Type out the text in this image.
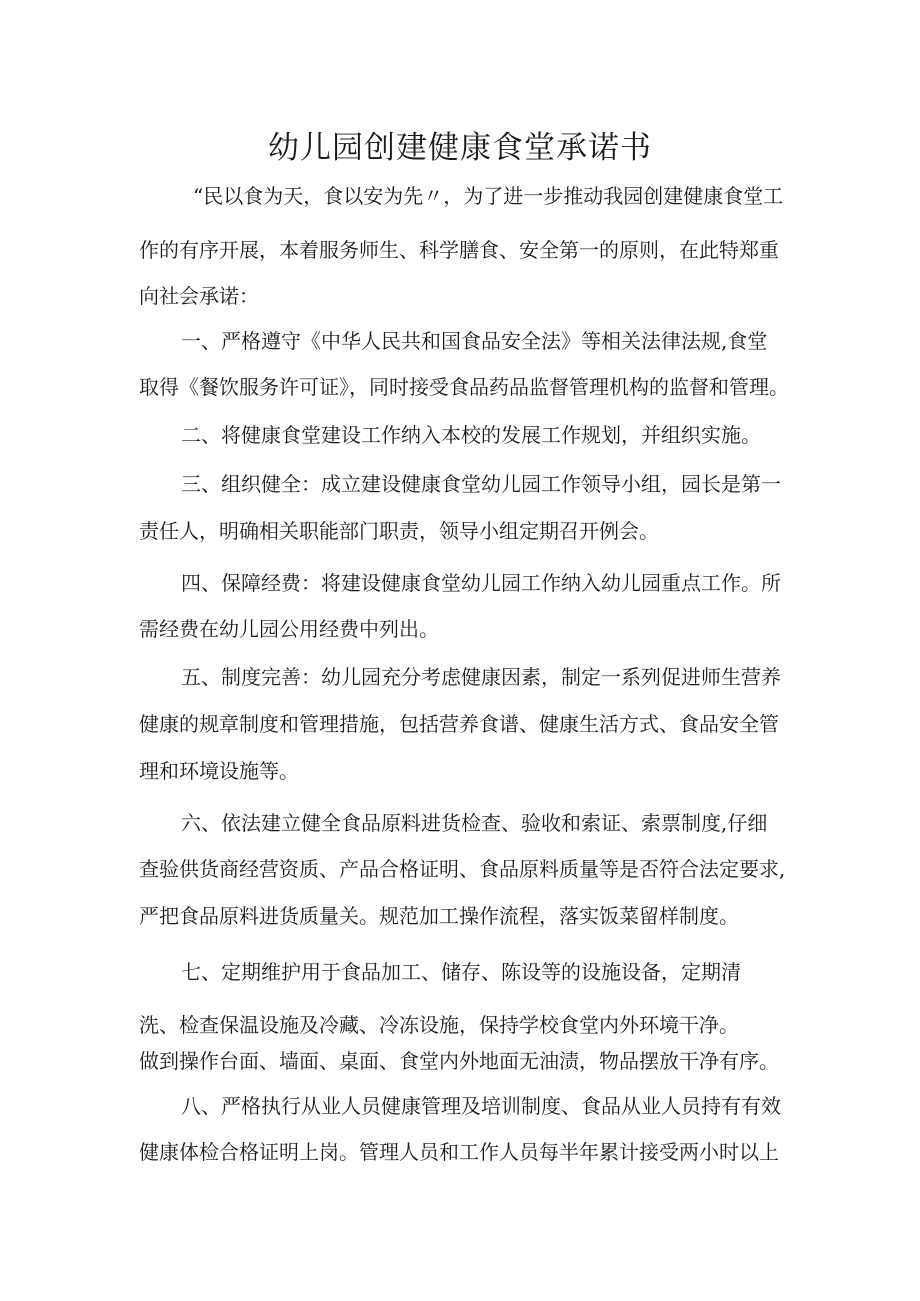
幼儿园创建健康食堂承诺书
“民以食为天，食以安为先〃，为了进一步推动我园创建健康食堂工
作的有序开展，本着服务师生、科学膳食、安全第一的原则，在此特郑重
向社会承诺：
一、严格遵守《中华人民共和国食品安全法》等相关法律法规,食堂
取得《餐饮服务许可证》，同时接受食品药品监督管理机构的监督和管理。
二、将健康食堂建设工作纳入本校的发展工作规划，并组织实施。
三、组织健全：成立建设健康食堂幼儿园工作领导小组，园长是第一
责任人，明确相关职能部门职责，领导小组定期召开例会。
四、保障经费：将建设健康食堂幼儿园工作纳入幼儿园重点工作。所
需经费在幼儿园公用经费中列出。
五、制度完善：幼儿园充分考虑健康因素，制定一系列促进师生营养
健康的规章制度和管理措施，包括营养食谱、健康生活方式、食品安全管
理和环境设施等。
六、依法建立健全食品原料进货检查、验收和索证、索票制度,仔细
查验供货商经营资质、产品合格证明、食品原料质量等是否符合法定要求,
严把食品原料进货质量关。规范加工操作流程，落实饭菜留样制度。
七、定期维护用于食品加工、储存、陈设等的设施设备，定期清
洗、检查保温设施及冷藏、冷冻设施，保持学校食堂内外环境干净。
做到操作台面、墙面、桌面、食堂内外地面无油渍，物品摆放干净有序。
八、严格执行从业人员健康管理及培训制度、食品从业人员持有有效
健康体检合格证明上岗。管理人员和工作人员每半年累计接受两小时以上
